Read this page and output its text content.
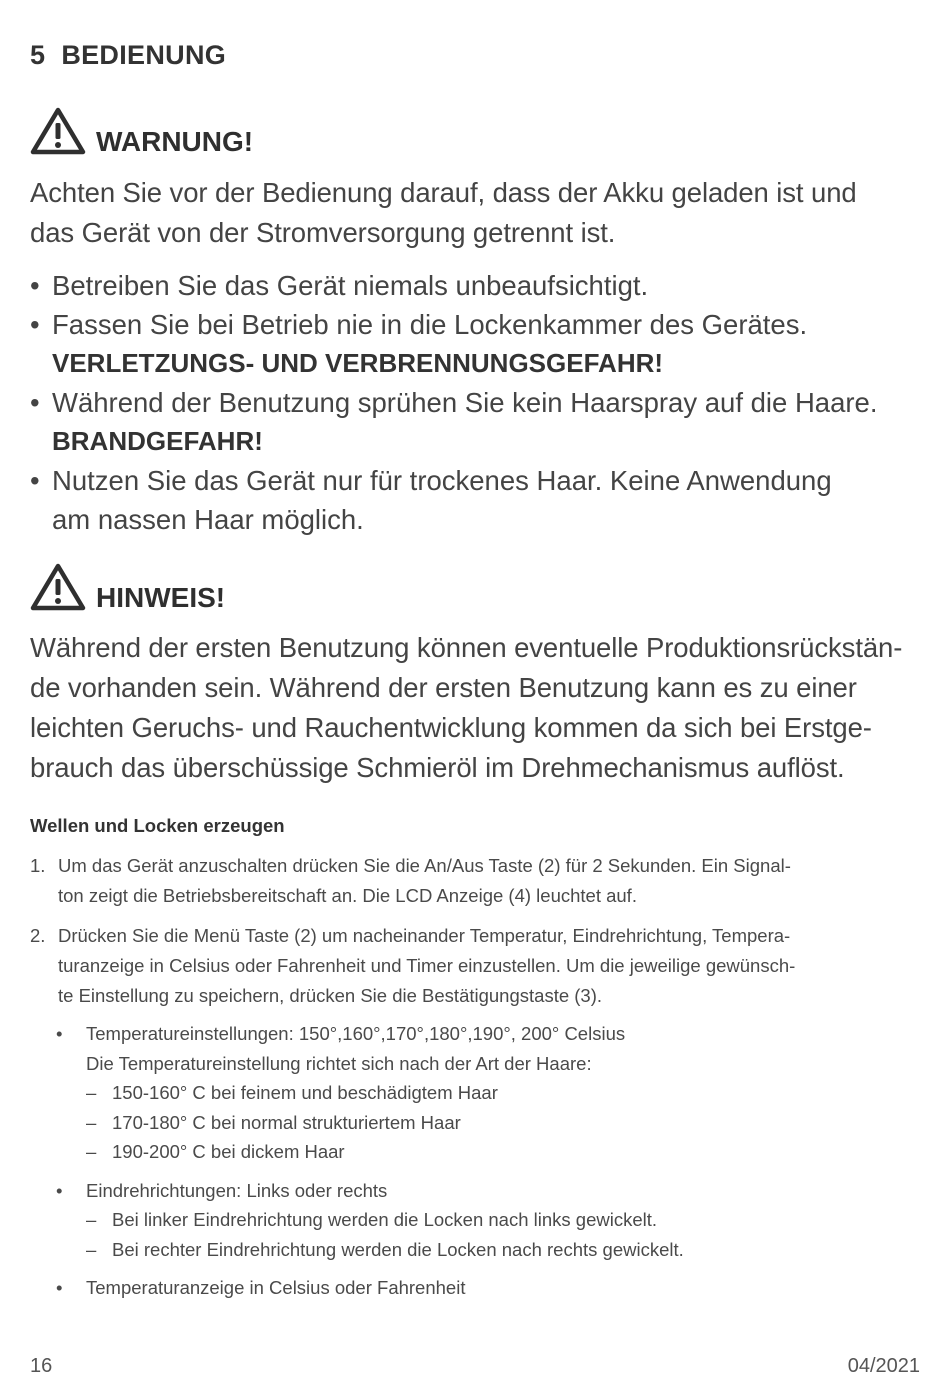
5 BEDIENUNG
WARNUNG!
Achten Sie vor der Bedienung darauf, dass der Akku geladen ist und
das Gerät von der Stromversorgung getrennt ist.
• Betreiben Sie das Gerät niemals unbeaufsichtigt.
• Fassen Sie bei Betrieb nie in die Lockenkammer des Gerätes.
VERLETZUNGS- UND VERBRENNUNGSGEFAHR!
• Während der Benutzung sprühen Sie kein Haarspray auf die Haare.
BRANDGEFAHR!
• Nutzen Sie das Gerät nur für trockenes Haar. Keine Anwendung
am nassen Haar möglich.
HINWEIS!
Während der ersten Benutzung können eventuelle Produktionsrückstän-
de vorhanden sein. Während der ersten Benutzung kann es zu einer
leichten Geruchs- und Rauchentwicklung kommen da sich bei Erstge-
brauch das überschüssige Schmieröl im Drehmechanismus auflöst.
Wellen und Locken erzeugen
1. Um das Gerät anzuschalten drücken Sie die An/Aus Taste (2) für 2 Sekunden. Ein Signal-
ton zeigt die Betriebsbereitschaft an. Die LCD Anzeige (4) leuchtet auf.
2. Drücken Sie die Menü Taste (2) um nacheinander Temperatur, Eindrehrichtung, Tempera-
turanzeige in Celsius oder Fahrenheit und Timer einzustellen. Um die jeweilige gewünsch-
te Einstellung zu speichern, drücken Sie die Bestätigungstaste (3).
• Temperatureinstellungen: 150°,160°,170°,180°,190°, 200° Celsius
Die Temperatureinstellung richtet sich nach der Art der Haare:
– 150-160° C bei feinem und beschädigtem Haar
– 170-180° C bei normal strukturiertem Haar
– 190-200° C bei dickem Haar
• Eindrehrichtungen: Links oder rechts
– Bei linker Eindrehrichtung werden die Locken nach links gewickelt.
– Bei rechter Eindrehrichtung werden die Locken nach rechts gewickelt.
• Temperaturanzeige in Celsius oder Fahrenheit
16	04/2021
